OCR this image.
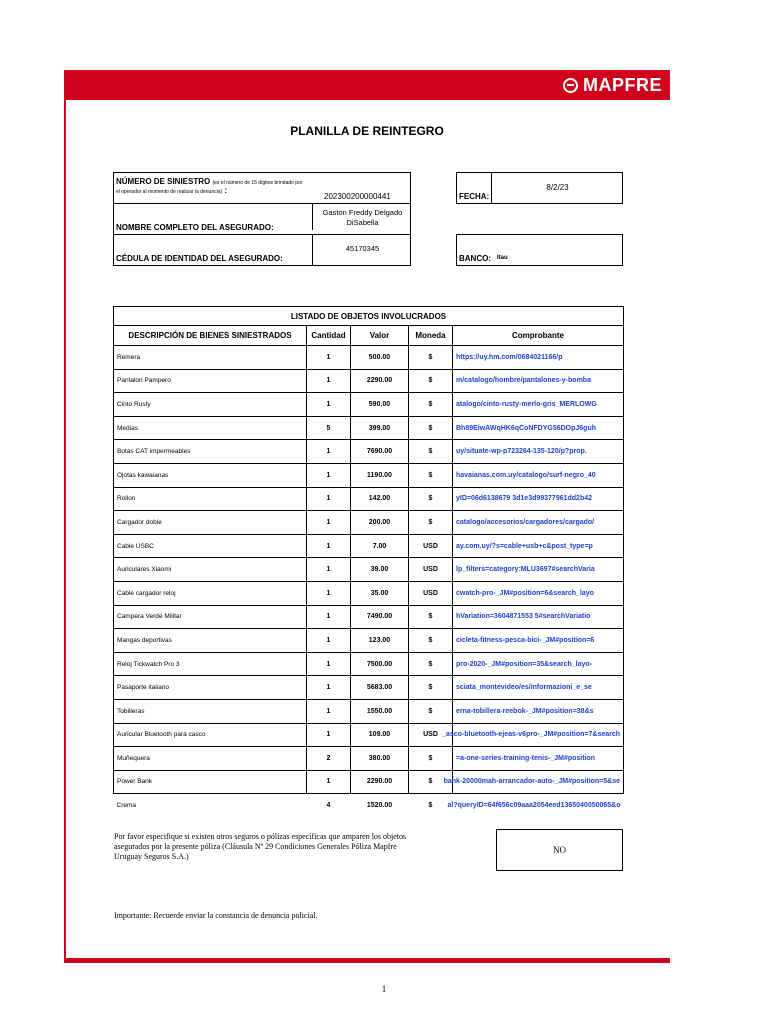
MAPFRE
PLANILLA DE REINTEGRO
NÚMERO DE SINIESTRO (es el número de 15 dígitos brindado por el operador al momento de realizar la denuncia) :
202300200000441
NOMBRE COMPLETO DEL ASEGURADO:
Gaston Freddy Delgado DiSabella
CÉDULA DE IDENTIDAD DEL ASEGURADO:
45170345
FECHA:
8/2/23
BANCO: Itau
LISTADO DE OBJETOS INVOLUCRADOS				
DESCRIPCIÓN DE BIENES SINIESTRADOS	Cantidad	Valor	Moneda	Comprobante
Remera	1	500.00	$	https://uy.hm.com/0684021166/p
Pantalon Pampero	1	2290.00	$	m/catalogo/hombre/pantalones-y-bomba
Cinto Rusty	1	590.00	$	atalogo/cinto-rusty-merlo-gris_MERLOWG
Medias	5	399.00	$	Bh89EiwAWqHK6qCoNFDYG56DOpJ6guh
Botas CAT impermeables	1	7690.00	$	.uy/situate-wp-p723264-135-120/p?prop
Ojotas kawaianas	1	1190.00	$	havaianas.com.uy/catalogo/surf-negro_40
Rollon	1	142.00	$	yID=06d6138679 3d1e3d99377961dd2b42
Cargador doble	1	200.00	$	/catalogo/accesorios/cargadores/cargado
Cable USBC	1	7.00	USD	ay.com.uy/?s=cable+usb+c&post_type=p
Auriculares Xiaomi	1	39.00	USD	lp_filters=category:MLU3697#searchVaria
Cable cargador reloj	1	35.00	USD	cwatch-pro-_JM#position=6&search_layo
Campera Verde Militar	1	7490.00	$	hVariation=3604871553 5#searchVariatio
Mangas deportivas	1	123.00	$	cicleta-fitness-pesca-bici-_JM#position=6
Reloj Tickwatch Pro 3	1	7500.00	$	-pro-2020-_JM#position=35&search_layo
Pasaporte italiano	1	5683.00	$	sciata_montevideo/es/informazioni_e_se
Tobilleras	1	1550.00	$	erna-tobillera-reebok-_JM#position=38&s
Auricular Bluetooth para casco	1	109.00	USD	asco-bluetooth-ejeas-v6pro-_JM#position=7&search_
Muñequera	2	380.00	$	a-one-series-training-tenis-_JM#position=
Power Bank	1	2290.00	$	bank-20000mah-arrancador-auto-_JM#position=5&se
Crema	4	1520.00	$	al?queryID=64f656c09aaa2054eed1365040050065&o
Por favor especifique si existen otros seguros o pólizas específicas que amparen los objetos asegurados por la presente póliza (Cláusula Nº 29 Condiciones Generales Póliza Mapfre Uruguay Seguros S.A.)
NO
Importante: Recuerde enviar la constancia de denuncia policial.
1
